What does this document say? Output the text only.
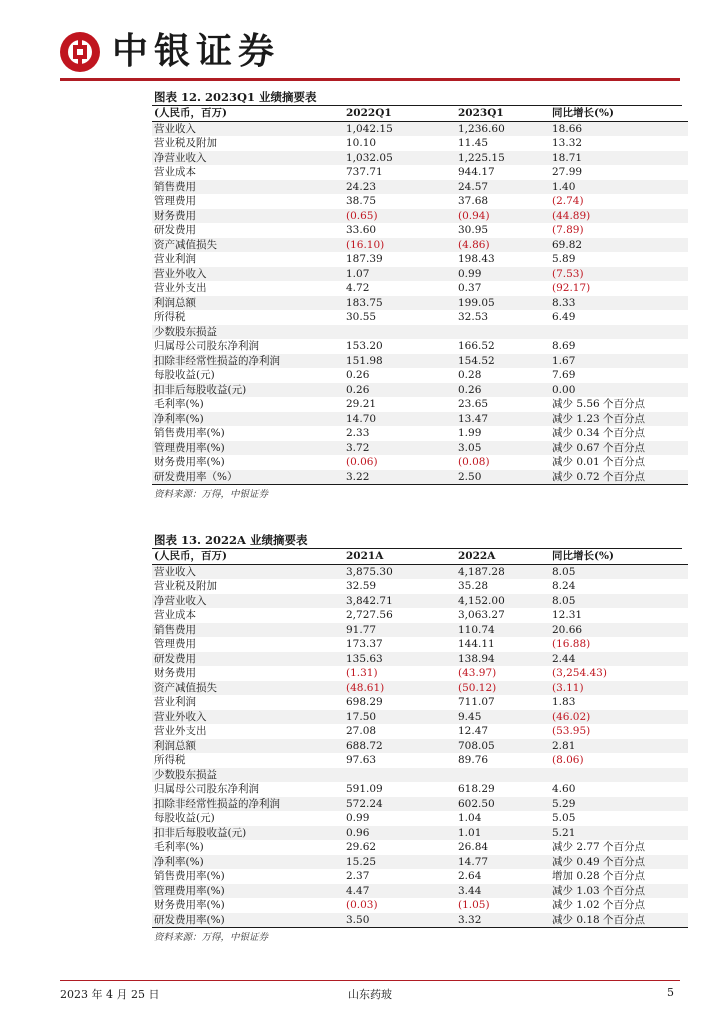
中银证券
图表 12. 2023Q1 业绩摘要表
(人民币，百万)	2022Q1	2023Q1	同比增长(%)
营业收入	1,042.15	1,236.60	18.66
营业税及附加	10.10	11.45	13.32
净营业收入	1,032.05	1,225.15	18.71
营业成本	737.71	944.17	27.99
销售费用	24.23	24.57	1.40
管理费用	38.75	37.68	(2.74)
财务费用	(0.65)	(0.94)	(44.89)
研发费用	33.60	30.95	(7.89)
资产减值损失	(16.10)	(4.86)	69.82
营业利润	187.39	198.43	5.89
营业外收入	1.07	0.99	(7.53)
营业外支出	4.72	0.37	(92.17)
利润总额	183.75	199.05	8.33
所得税	30.55	32.53	6.49
少数股东损益			
归属母公司股东净利润	153.20	166.52	8.69
扣除非经常性损益的净利润	151.98	154.52	1.67
每股收益(元)	0.26	0.28	7.69
扣非后每股收益(元)	0.26	0.26	0.00
毛利率(%)	29.21	23.65	减少 5.56 个百分点
净利率(%)	14.70	13.47	减少 1.23 个百分点
销售费用率(%)	2.33	1.99	减少 0.34 个百分点
管理费用率(%)	3.72	3.05	减少 0.67 个百分点
财务费用率(%)	(0.06)	(0.08)	减少 0.01 个百分点
研发费用率（%）	3.22	2.50	减少 0.72 个百分点
资料来源：万得，中银证券
图表 13. 2022A 业绩摘要表
(人民币，百万)	2021A	2022A	同比增长(%)
营业收入	3,875.30	4,187.28	8.05
营业税及附加	32.59	35.28	8.24
净营业收入	3,842.71	4,152.00	8.05
营业成本	2,727.56	3,063.27	12.31
销售费用	91.77	110.74	20.66
管理费用	173.37	144.11	(16.88)
研发费用	135.63	138.94	2.44
财务费用	(1.31)	(43.97)	(3,254.43)
资产减值损失	(48.61)	(50.12)	(3.11)
营业利润	698.29	711.07	1.83
营业外收入	17.50	9.45	(46.02)
营业外支出	27.08	12.47	(53.95)
利润总额	688.72	708.05	2.81
所得税	97.63	89.76	(8.06)
少数股东损益			
归属母公司股东净利润	591.09	618.29	4.60
扣除非经常性损益的净利润	572.24	602.50	5.29
每股收益(元)	0.99	1.04	5.05
扣非后每股收益(元)	0.96	1.01	5.21
毛利率(%)	29.62	26.84	减少 2.77 个百分点
净利率(%)	15.25	14.77	减少 0.49 个百分点
销售费用率(%)	2.37	2.64	增加 0.28 个百分点
管理费用率(%)	4.47	3.44	减少 1.03 个百分点
财务费用率(%)	(0.03)	(1.05)	减少 1.02 个百分点
研发费用率(%)	3.50	3.32	减少 0.18 个百分点
资料来源：万得，中银证券
2023 年 4 月 25 日	山东药玻	5
